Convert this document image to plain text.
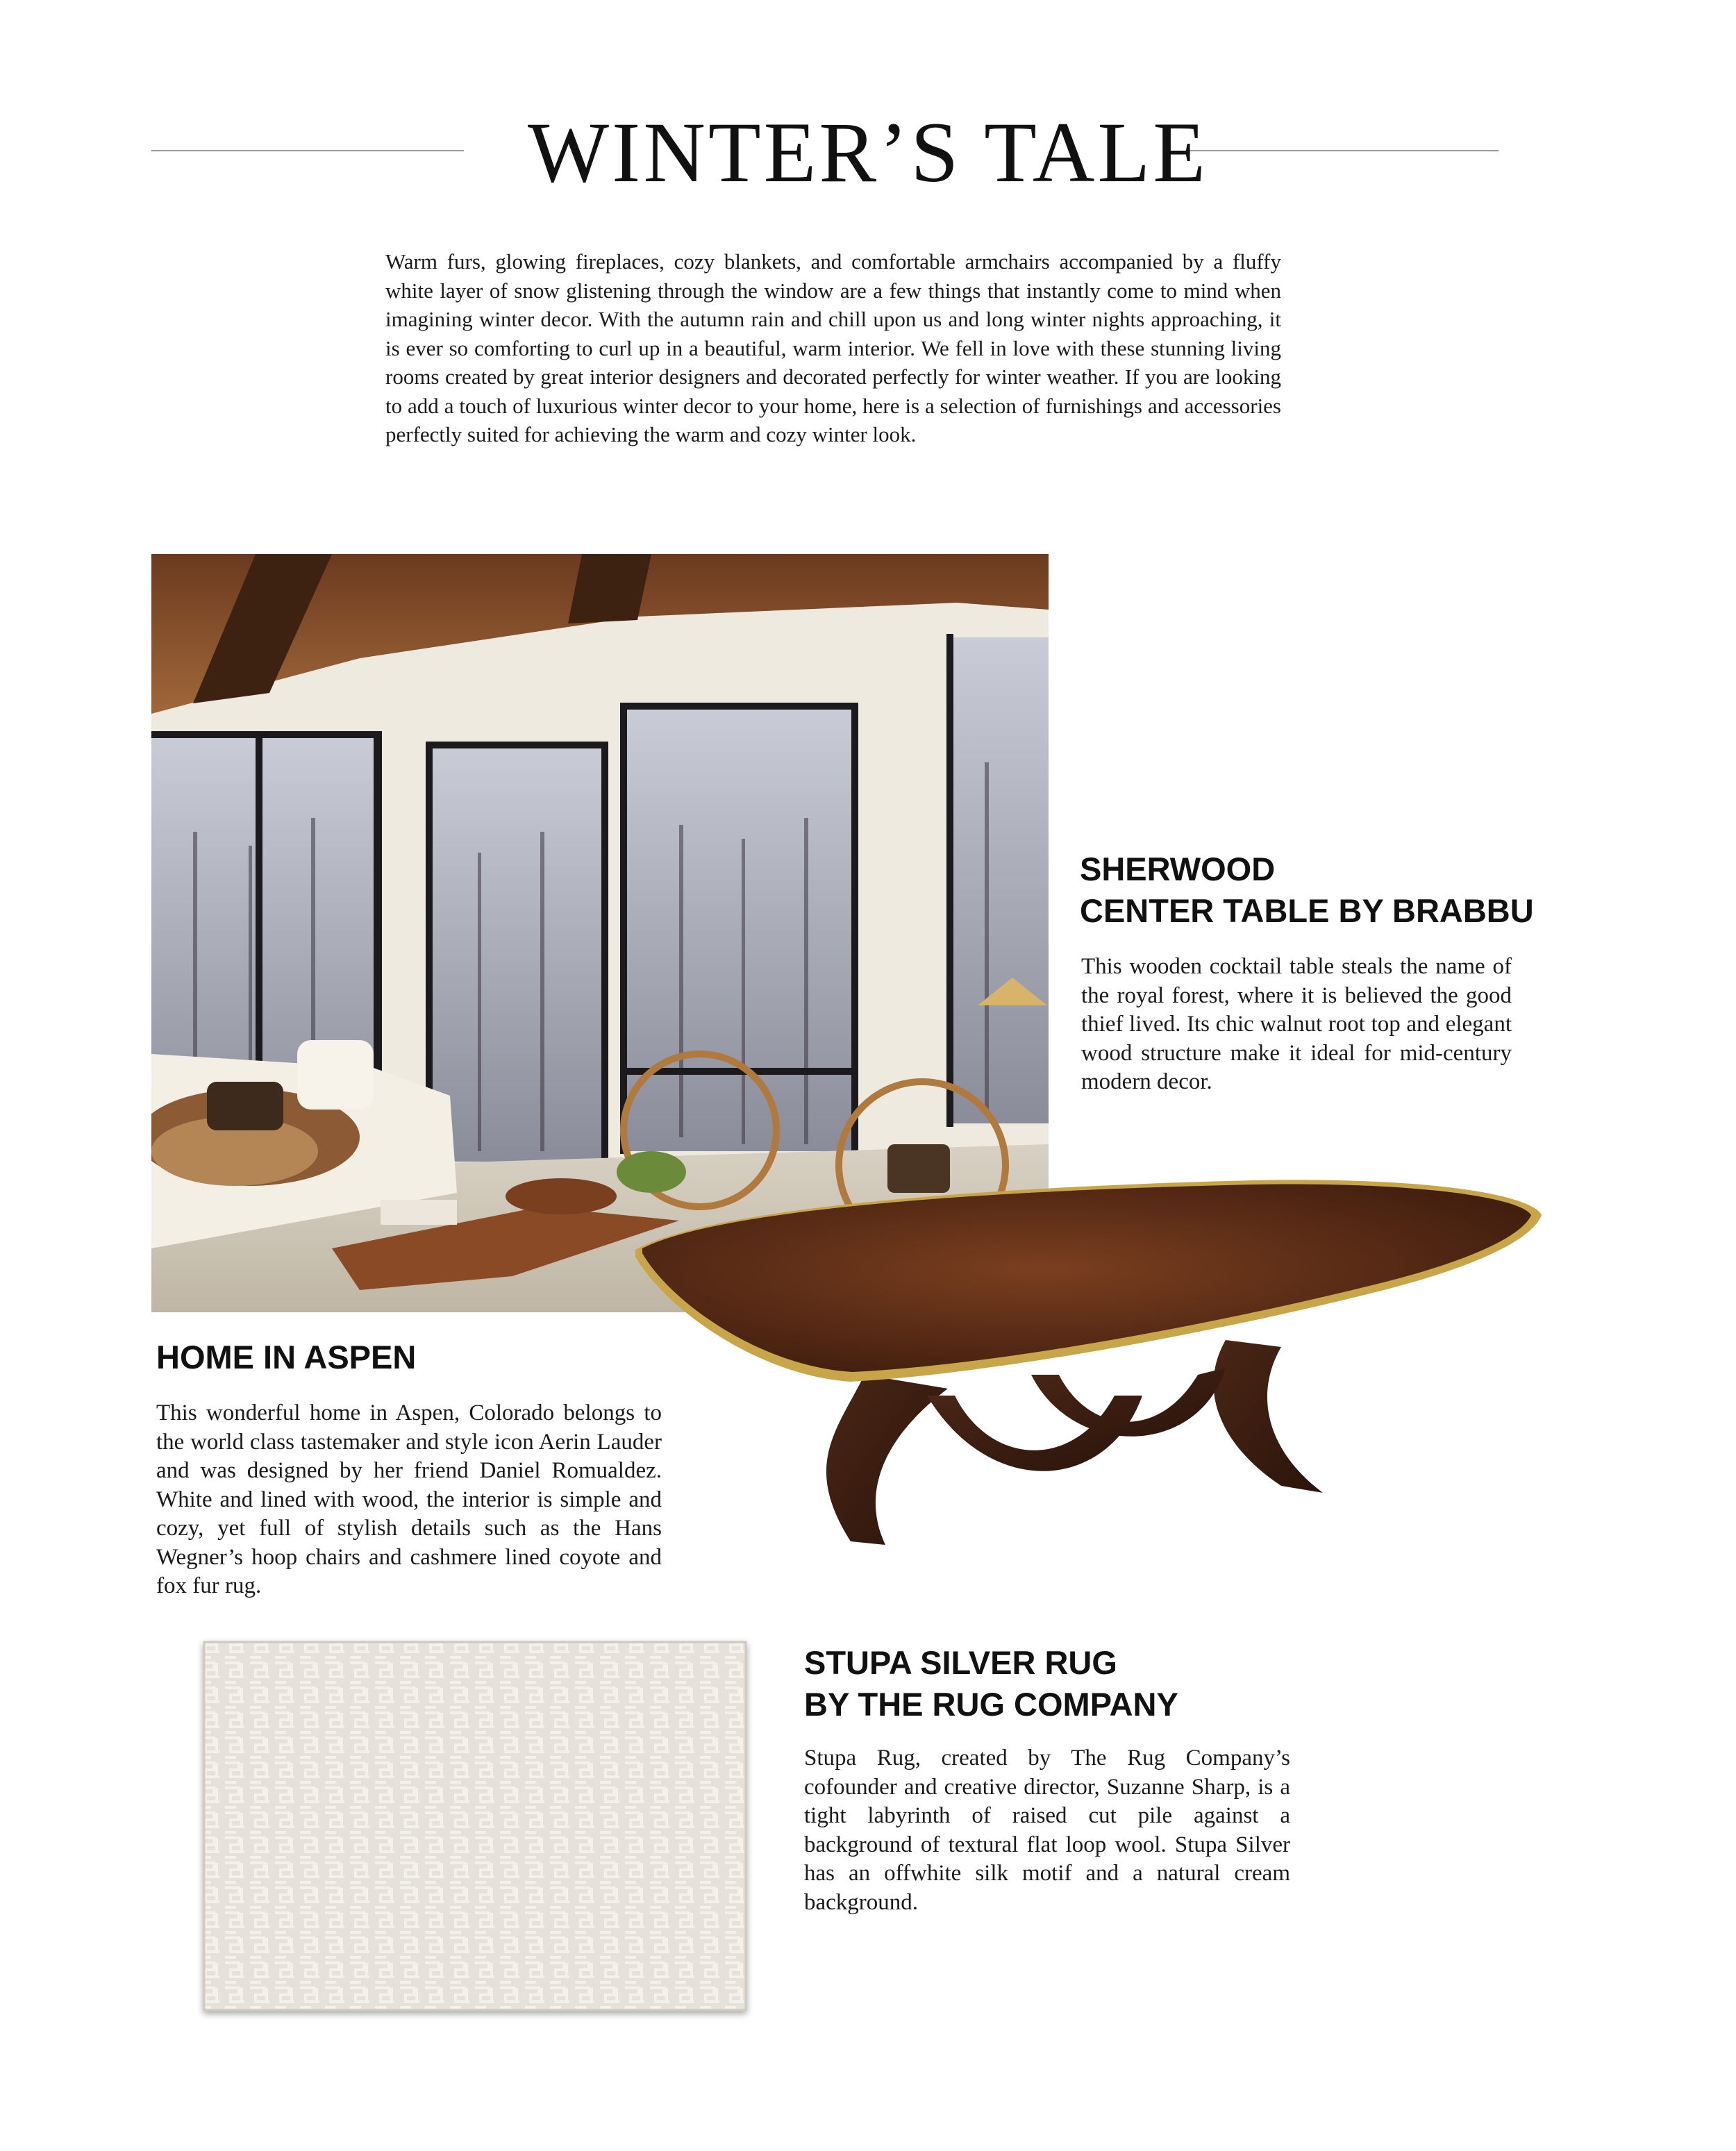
WINTER’S TALE
Warm furs, glowing fireplaces, cozy blankets, and comfortable armchairs accompanied by a fluffy white layer of snow glistening through the window are a few things that instantly come to mind when imagining winter decor. With the autumn rain and chill upon us and long winter nights approaching, it is ever so comforting to curl up in a beautiful, warm interior. We fell in love with these stunning living rooms created by great interior designers and decorated perfectly for winter weather. If you are looking to add a touch of luxurious winter decor to your home, here is a selection of furnishings and accessories perfectly suited for achieving the warm and cozy winter look.
SHERWOOD
CENTER TABLE BY BRABBU
This wooden cocktail table steals the name of the royal forest, where it is believed the good thief lived. Its chic walnut root top and elegant wood structure make it ideal for mid-century modern decor.
HOME IN ASPEN
This wonderful home in Aspen, Colorado belongs to the world class tastemaker and style icon Aerin Lauder and was designed by her friend Daniel Romualdez. White and lined with wood, the interior is simple and cozy, yet full of stylish details such as the Hans Wegner’s hoop chairs and cashmere lined coyote and fox fur rug.
STUPA SILVER RUG
BY THE RUG COMPANY
Stupa Rug, created by The Rug Company’s cofounder and creative director, Suzanne Sharp, is a tight labyrinth of raised cut pile against a background of textural flat loop wool. Stupa Silver has an offwhite silk motif and a natural cream background.
